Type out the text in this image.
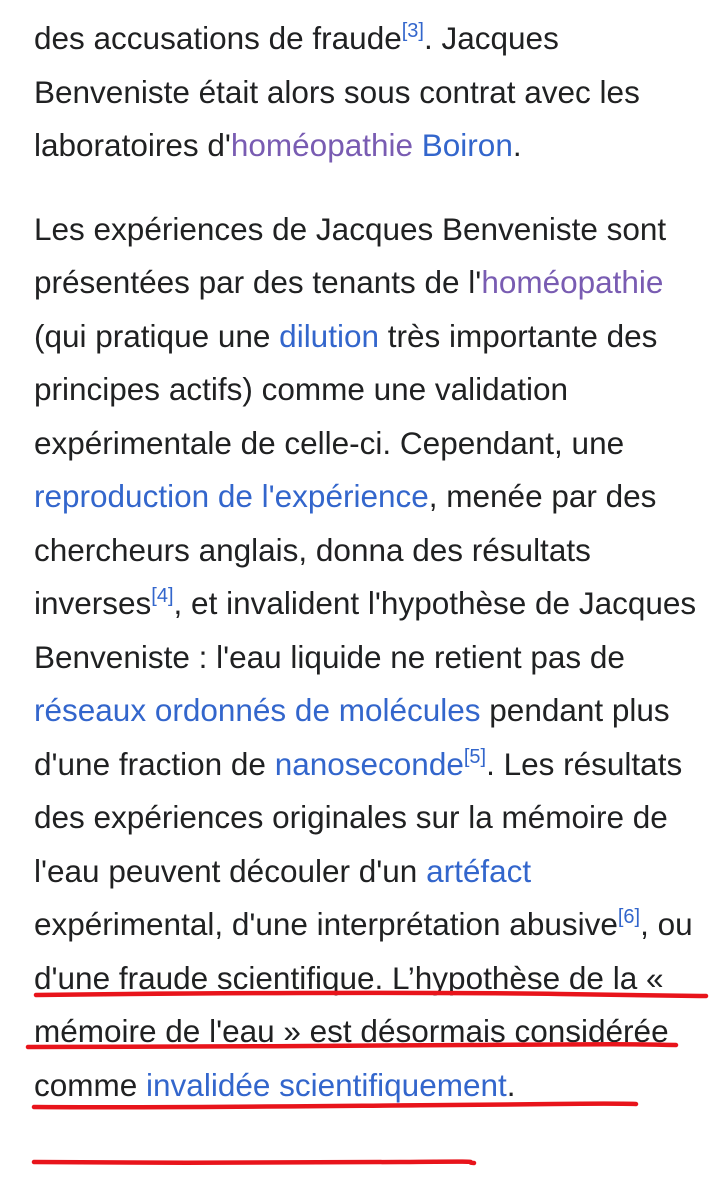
des accusations de fraude[3]. Jacques Benveniste était alors sous contrat avec les laboratoires d'homéopathie Boiron.

Les expériences de Jacques Benveniste sont présentées par des tenants de l'homéopathie (qui pratique une dilution très importante des principes actifs) comme une validation expérimentale de celle-ci. Cependant, une reproduction de l'expérience, menée par des chercheurs anglais, donna des résultats inverses[4], et invalident l'hypothèse de Jacques Benveniste : l'eau liquide ne retient pas de réseaux ordonnés de molécules pendant plus d'une fraction de nanoseconde[5]. Les résultats des expériences originales sur la mémoire de l'eau peuvent découler d'un artéfact expérimental, d'une interprétation abusive[6], ou d'une fraude scientifique. L’hypothèse de la « mémoire de l'eau » est désormais considérée comme invalidée scientifiquement.
